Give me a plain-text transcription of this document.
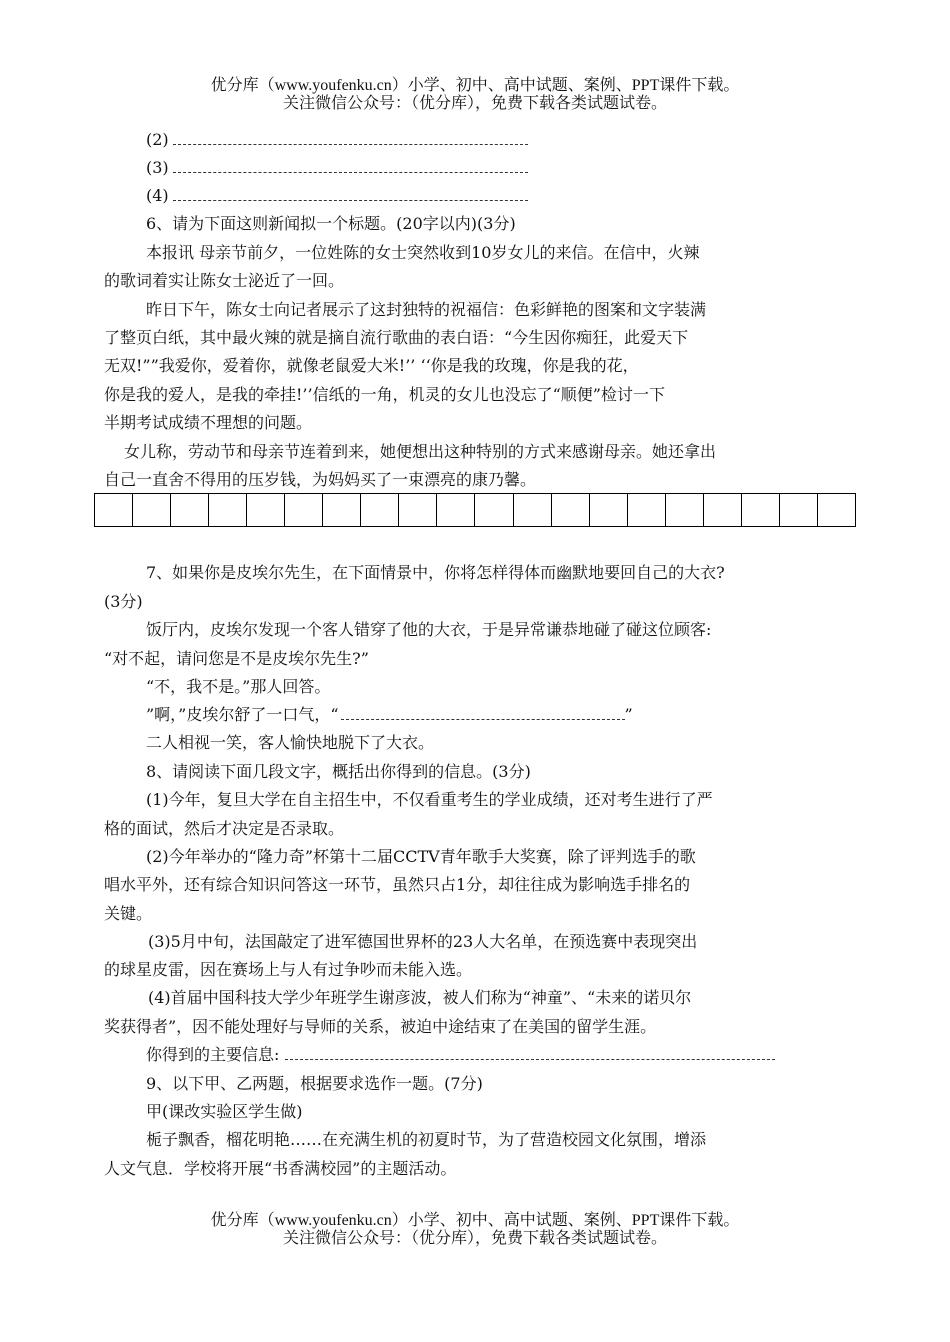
优分库（www.youfenku.cn）小学、初中、高中试题、案例、PPT课件下载。
关注微信公众号：（优分库），免费下载各类试题试卷。
(2)
(3)
(4)
6、请为下面这则新闻拟一个标题。(20字以内)(3分)
本报讯 母亲节前夕，一位姓陈的女士突然收到10岁女儿的来信。在信中，火辣
的歌词着实让陈女士泌近了一回。
昨日下午，陈女士向记者展示了这封独特的祝福信：色彩鲜艳的图案和文字装满
了整页白纸，其中最火辣的就是摘自流行歌曲的表白语：“今生因你痴狂，此爱天下
无双!””我爱你，爱着你，就像老鼠爱大米!’’ ‘‘你是我的玫瑰，你是我的花，
你是我的爱人，是我的牵挂!’’信纸的一角，机灵的女儿也没忘了“顺便”检讨一下
半期考试成绩不理想的问题。
女儿称，劳动节和母亲节连着到来，她便想出这种特别的方式来感谢母亲。她还拿出
自己一直舍不得用的压岁钱，为妈妈买了一束漂亮的康乃馨。
7、如果你是皮埃尔先生，在下面情景中，你将怎样得体而幽默地要回自己的大衣?
(3分)
饭厅内，皮埃尔发现一个客人错穿了他的大衣，于是异常谦恭地碰了碰这位顾客:
“对不起，请问您是不是皮埃尔先生?”
“不，我不是。”那人回答。
”啊，”皮埃尔舒了一口气，“	”
二人相视一笑，客人愉快地脱下了大衣。
8、请阅读下面几段文字，概括出你得到的信息。(3分)
(1)今年，复旦大学在自主招生中，不仅看重考生的学业成绩，还对考生进行了严
格的面试，然后才决定是否录取。
(2)今年举办的“隆力奇”杯第十二届CCTV青年歌手大奖赛，除了评判选手的歌
唱水平外，还有综合知识问答这一环节，虽然只占1分，却往往成为影响选手排名的
关键。
(3)5月中旬，法国敲定了进军德国世界杯的23人大名单，在预选赛中表现突出
的球星皮雷，因在赛场上与人有过争吵而未能入选。
(4)首届中国科技大学少年班学生谢彦波，被人们称为“神童”、“未来的诺贝尔
奖获得者”，因不能处理好与导师的关系，被迫中途结束了在美国的留学生涯。
你得到的主要信息:
9、以下甲、乙两题，根据要求选作一题。(7分)
甲(课改实验区学生做)
栀子飘香，榴花明艳……在充满生机的初夏时节，为了营造校园文化氛围，增添
人文气息．学校将开展“书香满校园”的主题活动。
优分库（www.youfenku.cn）小学、初中、高中试题、案例、PPT课件下载。
关注微信公众号：（优分库），免费下载各类试题试卷。
